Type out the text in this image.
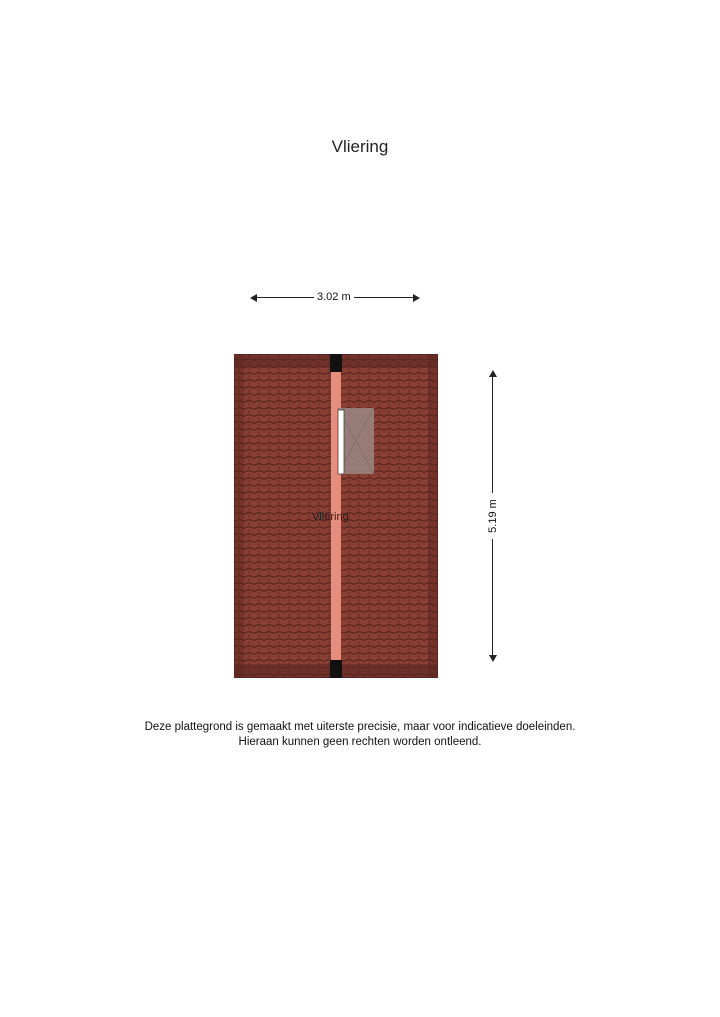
Vliering
3.02 m
Vliering	5.19 m
Deze plattegrond is gemaakt met uiterste precisie, maar voor indicatieve doeleinden.
Hieraan kunnen geen rechten worden ontleend.
